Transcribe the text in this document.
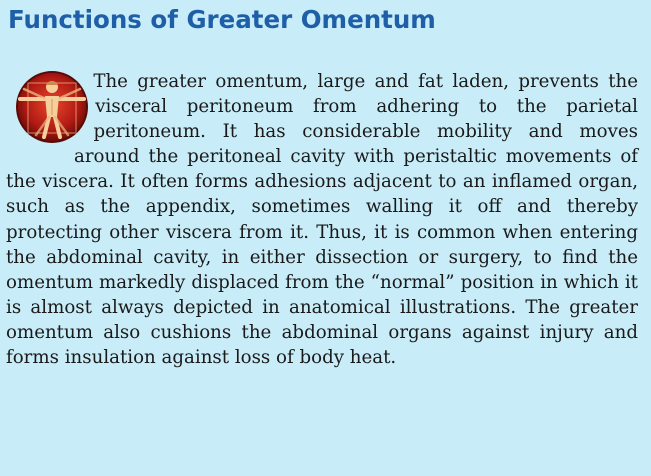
Functions of Greater Omentum
The greater omentum, large and fat laden, prevents the visceral peritoneum from adhering to the parietal peritoneum. It has considerable mobility and moves around the peritoneal cavity with peristaltic movements of the viscera. It often forms adhesions adjacent to an inflamed organ, such as the appendix, sometimes walling it off and thereby protecting other viscera from it. Thus, it is common when entering the abdominal cavity, in either dissection or surgery, to find the omentum markedly displaced from the “normal” position in which it is almost always depicted in anatomical illustrations. The greater omentum also cushions the abdominal organs against injury and forms insulation against loss of body heat.
